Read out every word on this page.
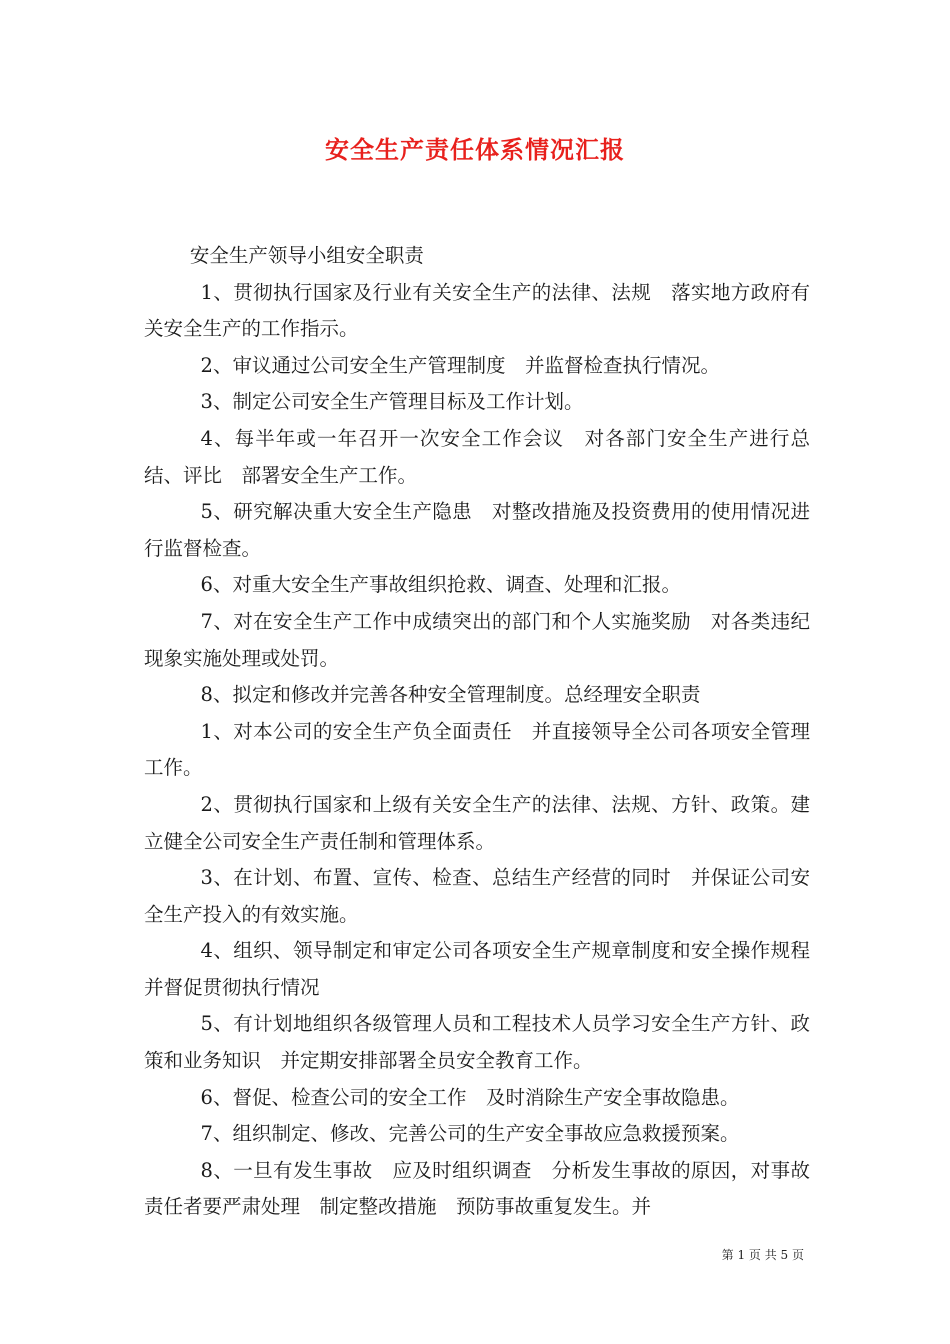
安全生产责任体系情况汇报

安全生产领导小组安全职责

1、贯彻执行国家及行业有关安全生产的法律、法规　落实地方政府有关安全生产的工作指示。

2、审议通过公司安全生产管理制度　并监督检查执行情况。

3、制定公司安全生产管理目标及工作计划。

4、每半年或一年召开一次安全工作会议　对各部门安全生产进行总结、评比　部署安全生产工作。

5、研究解决重大安全生产隐患　对整改措施及投资费用的使用情况进行监督检查。

6、对重大安全生产事故组织抢救、调查、处理和汇报。

7、对在安全生产工作中成绩突出的部门和个人实施奖励　对各类违纪现象实施处理或处罚。

8、拟定和修改并完善各种安全管理制度。总经理安全职责

1、对本公司的安全生产负全面责任　并直接领导全公司各项安全管理工作。

2、贯彻执行国家和上级有关安全生产的法律、法规、方针、政策。建立健全公司安全生产责任制和管理体系。

3、在计划、布置、宣传、检查、总结生产经营的同时　并保证公司安全生产投入的有效实施。

4、组织、领导制定和审定公司各项安全生产规章制度和安全操作规程　并督促贯彻执行情况

5、有计划地组织各级管理人员和工程技术人员学习安全生产方针、政策和业务知识　并定期安排部署全员安全教育工作。

6、督促、检查公司的安全工作　及时消除生产安全事故隐患。

7、组织制定、修改、完善公司的生产安全事故应急救援预案。

8、一旦有发生事故　应及时组织调查　分析发生事故的原因，对事故责任者要严肃处理　制定整改措施　预防事故重复发生。并

第 1 页 共 5 页
